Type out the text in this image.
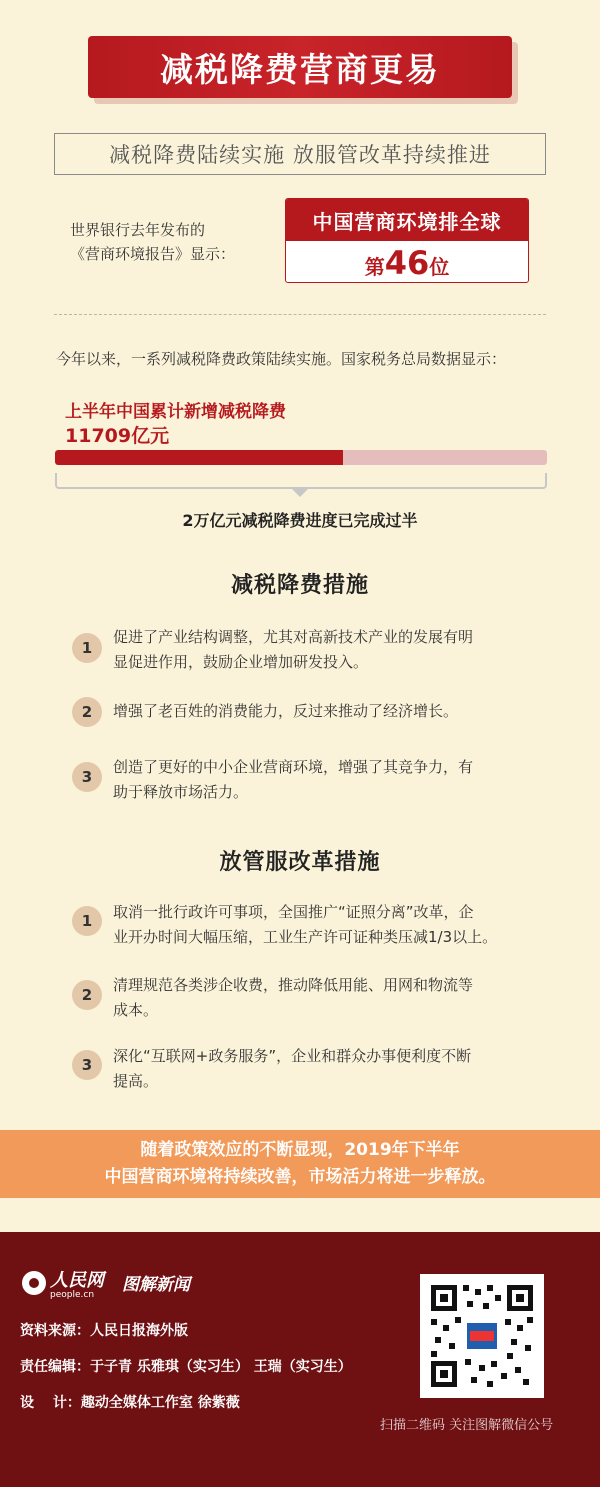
减税降费营商更易
减税降费陆续实施 放服管改革持续推进
世界银行去年发布的
《营商环境报告》显示：
中国营商环境排全球
第 46 位
今年以来，一系列减税降费政策陆续实施。国家税务总局数据显示：
上半年中国累计新增减税降费
11709亿元
2万亿元减税降费进度已完成过半
减税降费措施
1
促进了产业结构调整，尤其对高新技术产业的发展有明
显促进作用，鼓励企业增加研发投入。
2	增强了老百姓的消费能力，反过来推动了经济增长。
3
创造了更好的中小企业营商环境，增强了其竞争力，有
助于释放市场活力。
放管服改革措施
1	取消一批行政许可事项，全国推广“证照分离”改革，企
业开办时间大幅压缩，工业生产许可证种类压减1/3以上。
2
清理规范各类涉企收费，推动降低用能、用网和物流等
成本。
3	深化“互联网+政务服务”，企业和群众办事便利度不断
提高。
随着政策效应的不断显现，2019年下半年
中国营商环境将持续改善，市场活力将进一步释放。
人民网
people.cn	图解新闻
资料来源：人民日报海外版
责任编辑：于子青 乐雅琪（实习生） 王瑞（实习生）
设　 计：趣动全媒体工作室 徐紫薇
扫描二维码 关注图解微信公号
